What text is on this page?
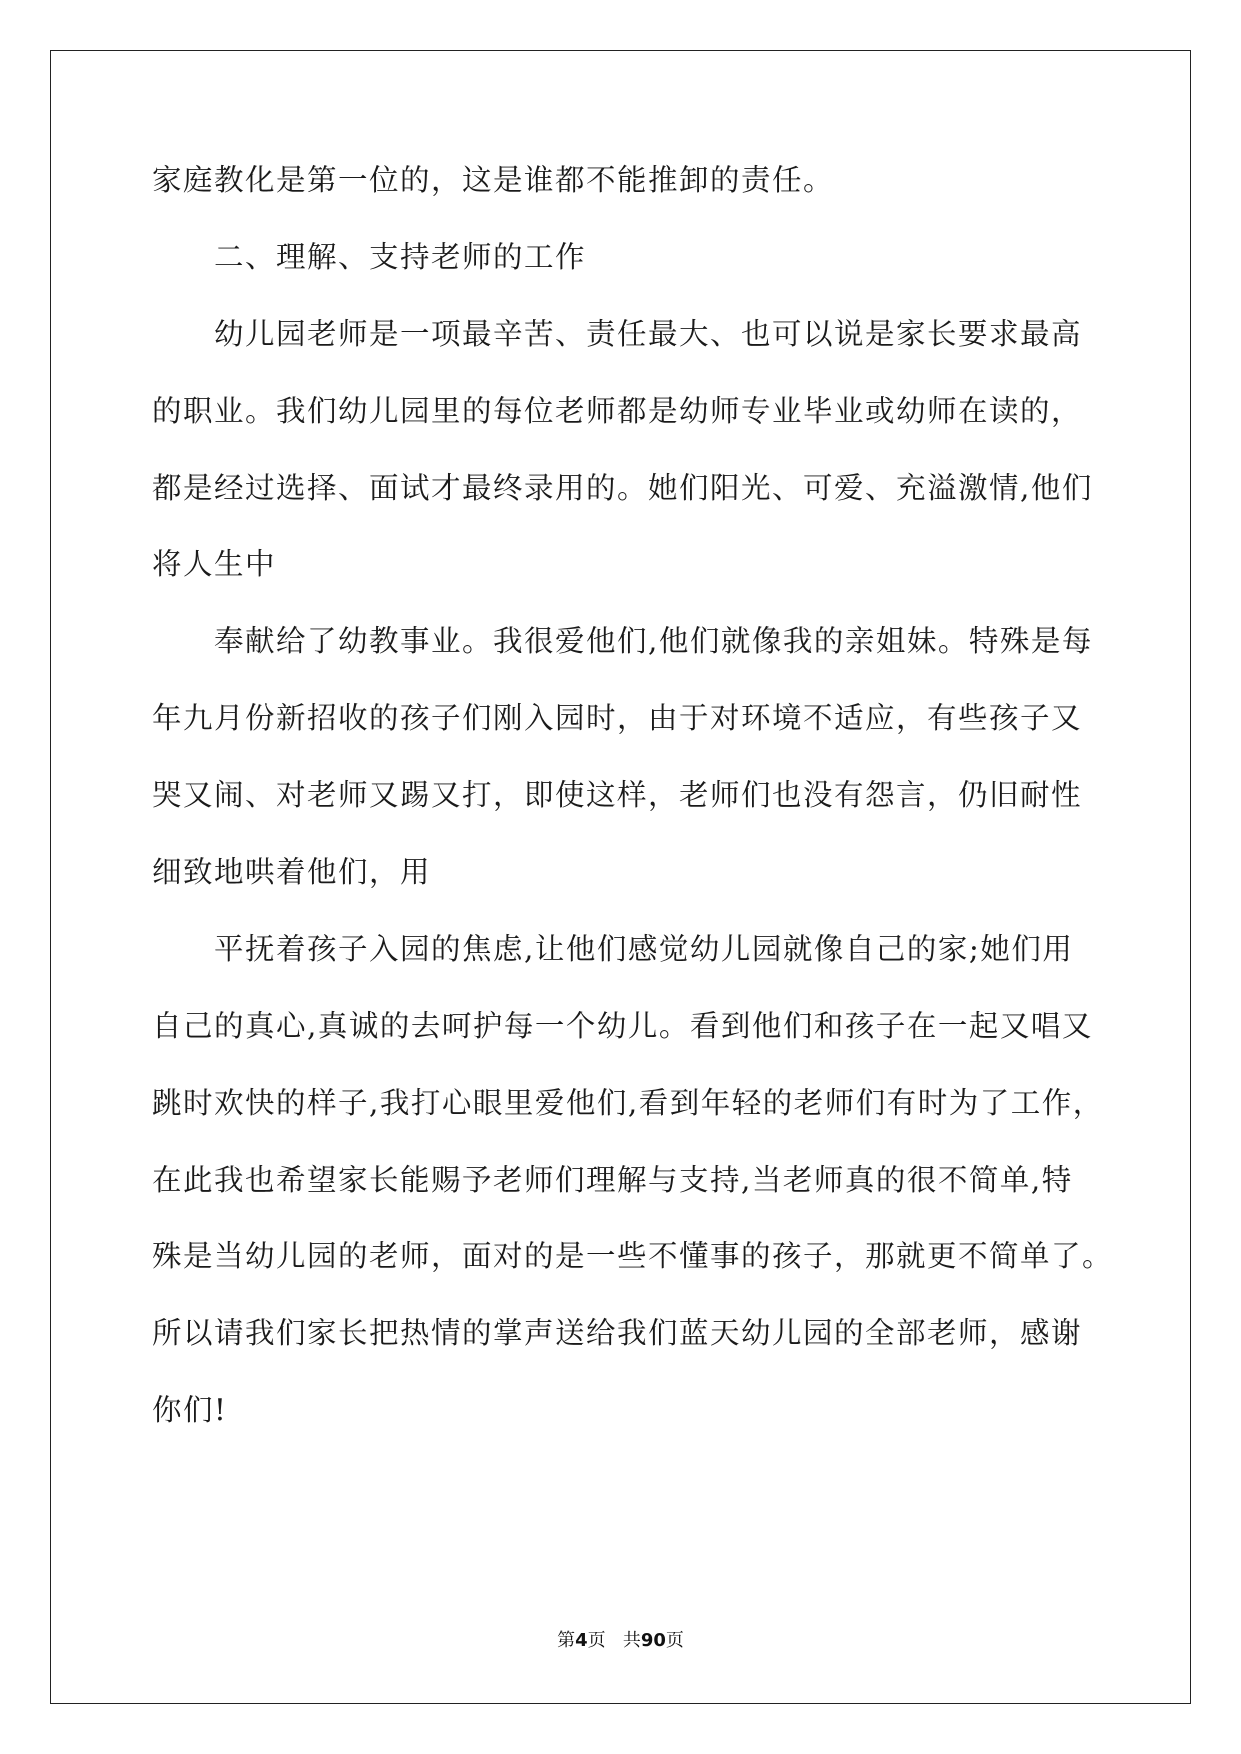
家庭教化是第一位的，这是谁都不能推卸的责任。

　　二、理解、支持老师的工作

　　幼儿园老师是一项最辛苦、责任最大、也可以说是家长要求最高

的职业。我们幼儿园里的每位老师都是幼师专业毕业或幼师在读的，

都是经过选择、面试才最终录用的。她们阳光、可爱、充溢激情,他们

将人生中

　　奉献给了幼教事业。我很爱他们,他们就像我的亲姐妹。特殊是每

年九月份新招收的孩子们刚入园时，由于对环境不适应，有些孩子又

哭又闹、对老师又踢又打，即使这样，老师们也没有怨言，仍旧耐性

细致地哄着他们，用

　　平抚着孩子入园的焦虑,让他们感觉幼儿园就像自己的家;她们用

自己的真心,真诚的去呵护每一个幼儿。看到他们和孩子在一起又唱又

跳时欢快的样子,我打心眼里爱他们,看到年轻的老师们有时为了工作，

在此我也希望家长能赐予老师们理解与支持,当老师真的很不简单,特

殊是当幼儿园的老师，面对的是一些不懂事的孩子，那就更不简单了。

所以请我们家长把热情的掌声送给我们蓝天幼儿园的全部老师，感谢

你们!

第4页 共90页
